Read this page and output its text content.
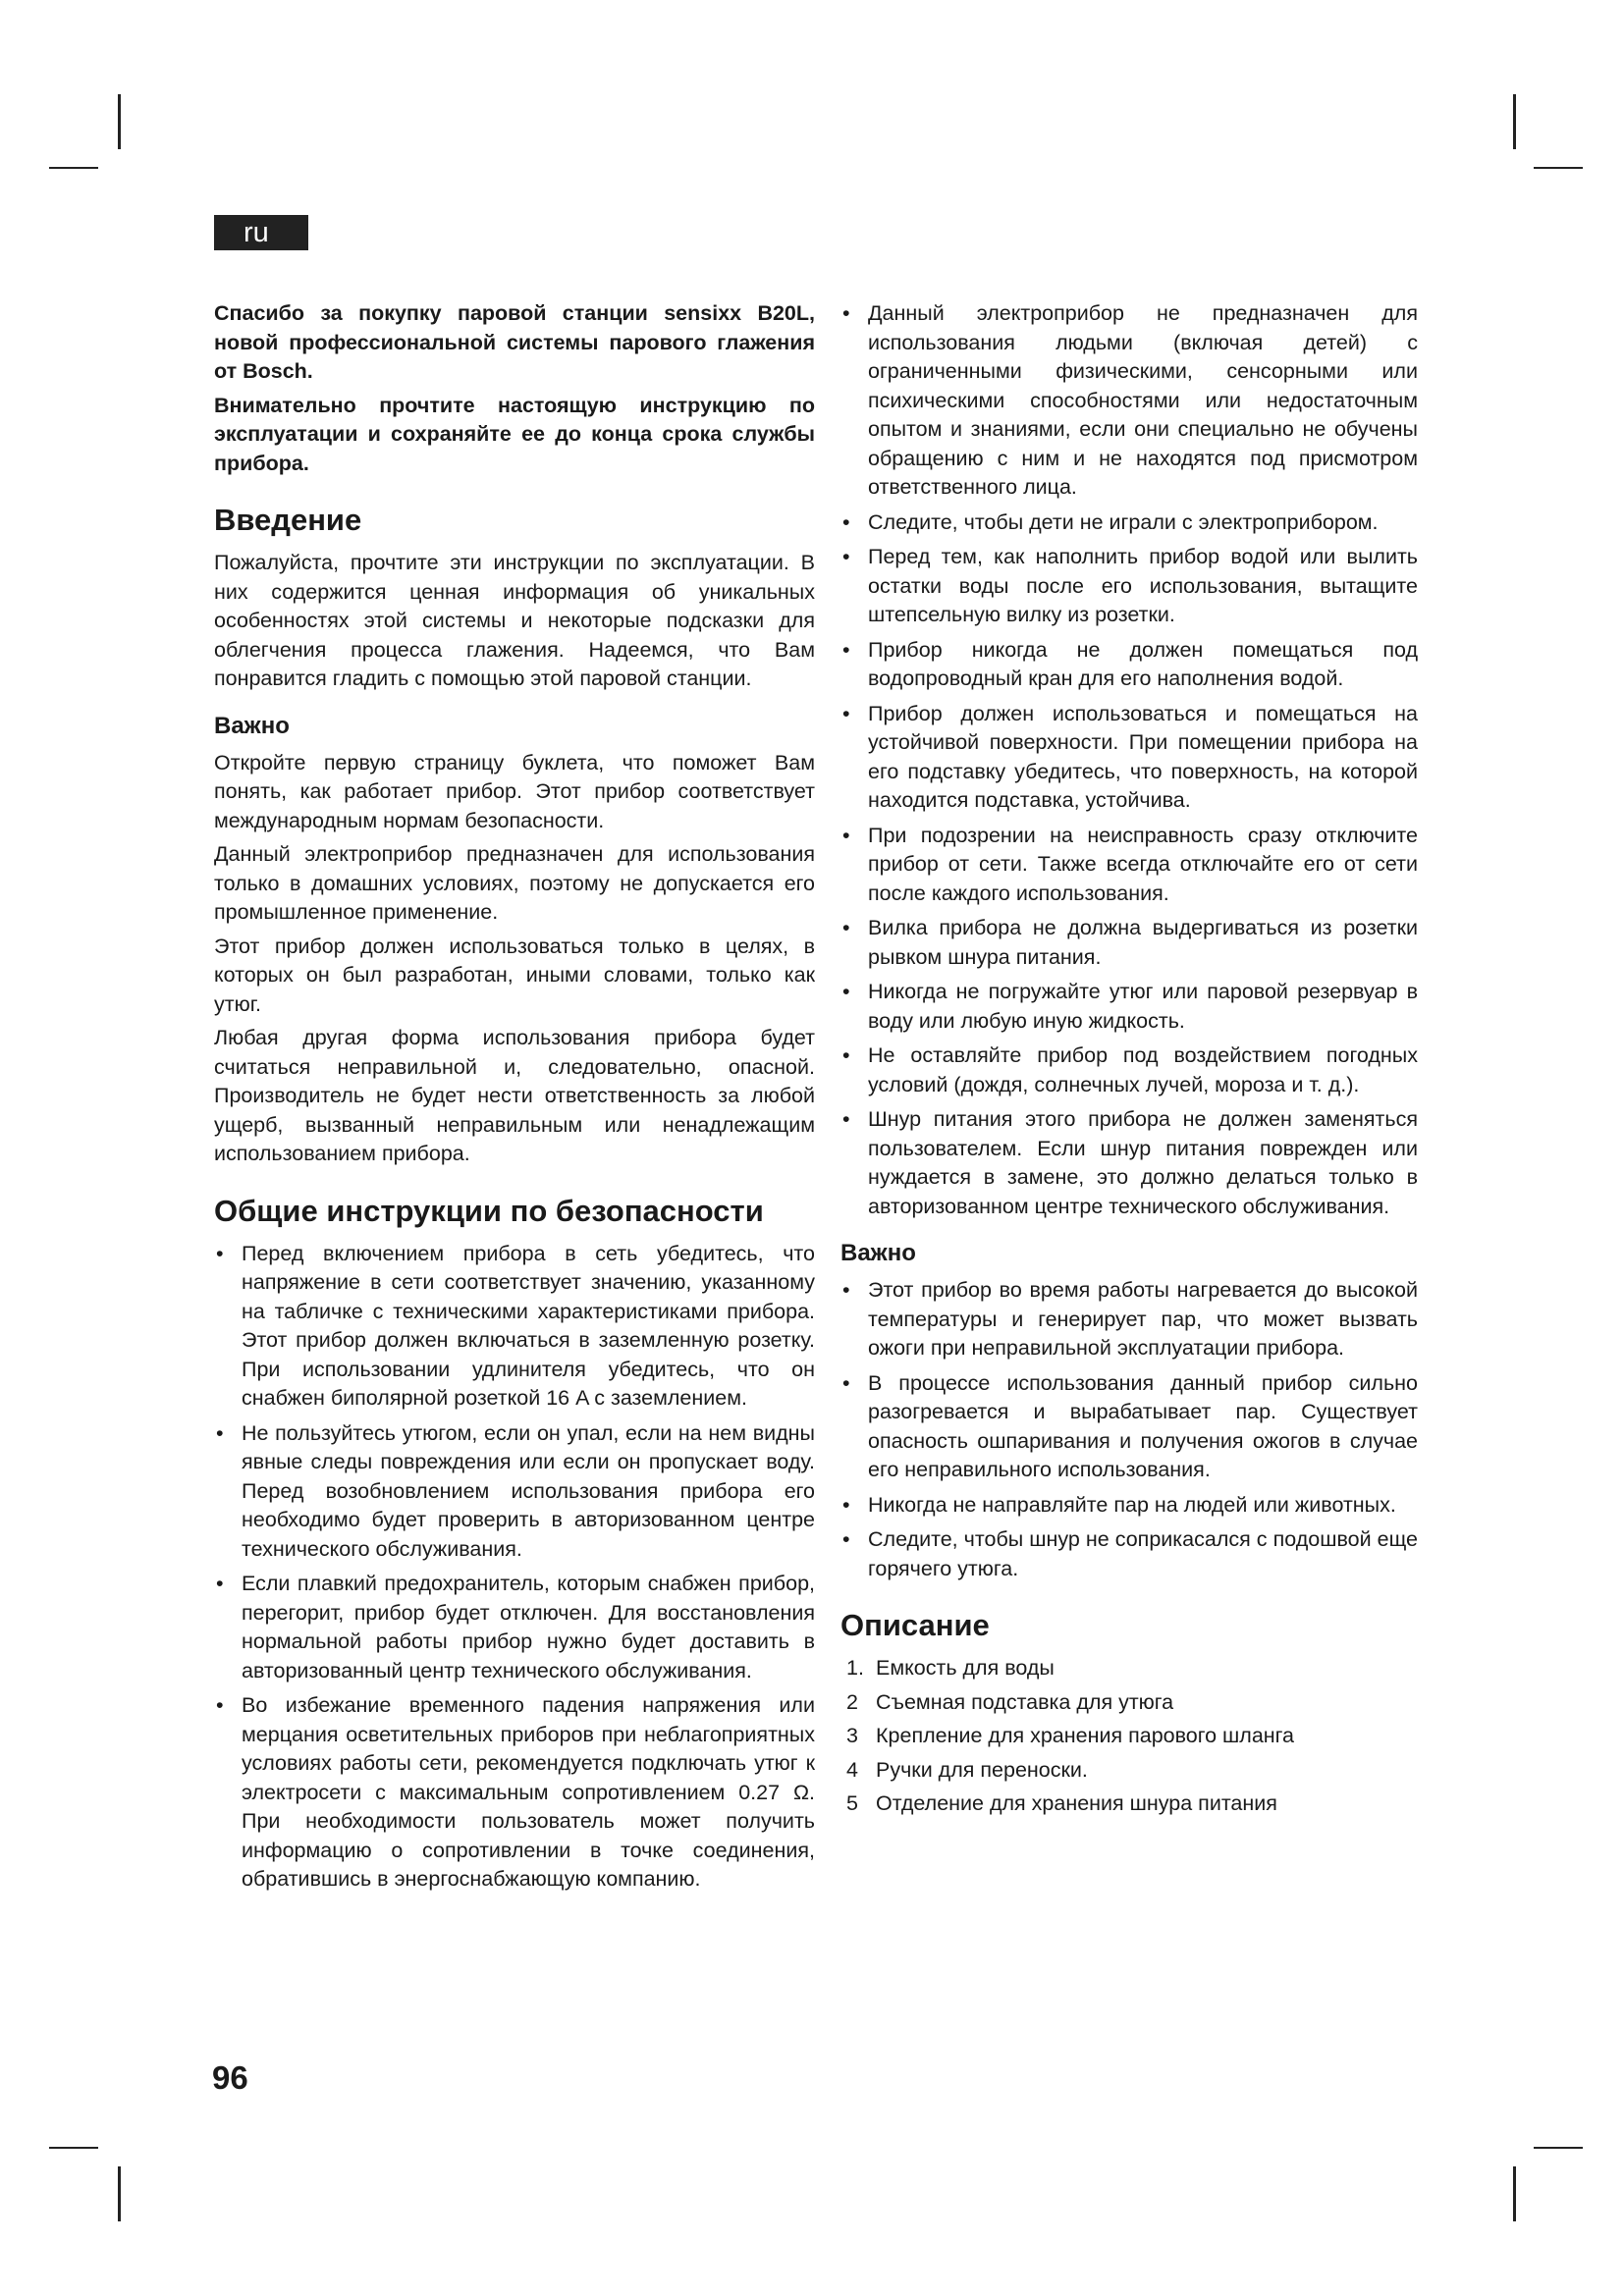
ru

Спасибо за покупку паровой станции sensixx B20L, новой профессиональной системы парового глажения от Bosch.

Внимательно прочтите настоящую инструкцию по эксплуатации и сохраняйте ее до конца срока службы прибора.

Введение

Пожалуйста, прочтите эти инструкции по эксплуатации. В них содержится ценная информация об уникальных особенностях этой системы и некоторые подсказки для облегчения процесса глажения. Надеемся, что Вам понравится гладить с помощью этой паровой станции.

Важно

Откройте первую страницу буклета, что поможет Вам понять, как работает прибор. Этот прибор соответствует международным нормам безопасности.

Данный электроприбор предназначен для использования только в домашних условиях, поэтому не допускается его промышленное применение.

Этот прибор должен использоваться только в целях, в которых он был разработан, иными словами, только как утюг.

Любая другая форма использования прибора будет считаться неправильной и, следовательно, опасной. Производитель не будет нести ответственность за любой ущерб, вызванный неправильным или ненадлежащим использованием прибора.

Общие инструкции по безопасности
• Перед включением прибора в сеть убедитесь, что напряжение в сети соответствует значению, указанному на табличке с техническими характеристиками прибора. Этот прибор должен включаться в заземленную розетку. При использовании удлинителя убедитесь, что он снабжен биполярной розеткой 16 A с заземлением.
• Не пользуйтесь утюгом, если он упал, если на нем видны явные следы повреждения или если он пропускает воду. Перед возобновлением использования прибора его необходимо будет проверить в авторизованном центре технического обслуживания.
• Если плавкий предохранитель, которым снабжен прибор, перегорит, прибор будет отключен. Для восстановления нормальной работы прибор нужно будет доставить в авторизованный центр технического обслуживания.
• Во избежание временного падения напряжения или мерцания осветительных приборов при неблагоприятных условиях работы сети, рекомендуется подключать утюг к электросети с максимальным сопротивлением 0.27 Ω. При необходимости пользователь может получить информацию о сопротивлении в точке соединения, обратившись в энергоснабжающую компанию.
• Данный электроприбор не предназначен для использования людьми (включая детей) с ограниченными физическими, сенсорными или психическими способностями или недостаточным опытом и знаниями, если они специально не обучены обращению с ним и не находятся под присмотром ответственного лица.
• Следите, чтобы дети не играли с электроприбором.
• Перед тем, как наполнить прибор водой или вылить остатки воды после его использования, вытащите штепсельную вилку из розетки.
• Прибор никогда не должен помещаться под водопроводный кран для его наполнения водой.
• Прибор должен использоваться и помещаться на устойчивой поверхности. При помещении прибора на его подставку убедитесь, что поверхность, на которой находится подставка, устойчива.
• При подозрении на неисправность сразу отключите прибор от сети. Также всегда отключайте его от сети после каждого использования.
• Вилка прибора не должна выдергиваться из розетки рывком шнура питания.
• Никогда не погружайте утюг или паровой резервуар в воду или любую иную жидкость.
• Не оставляйте прибор под воздействием погодных условий (дождя, солнечных лучей, мороза и т. д.).
• Шнур питания этого прибора не должен заменяться пользователем. Если шнур питания поврежден или нуждается в замене, это должно делаться только в авторизованном центре технического обслуживания.
Важно
• Этот прибор во время работы нагревается до высокой температуры и генерирует пар, что может вызвать ожоги при неправильной эксплуатации прибора.
• В процессе использования данный прибор сильно разогревается и вырабатывает пар. Существует опасность ошпаривания и получения ожогов в случае его неправильного использования.
• Никогда не направляйте пар на людей или животных.
• Следите, чтобы шнур не соприкасался с подошвой еще горячего утюга.
Описание
1. Емкость для воды
2 Съемная подставка для утюга
3 Крепление для хранения парового шланга
4 Ручки для переноски.
5 Отделение для хранения шнура питания
96
